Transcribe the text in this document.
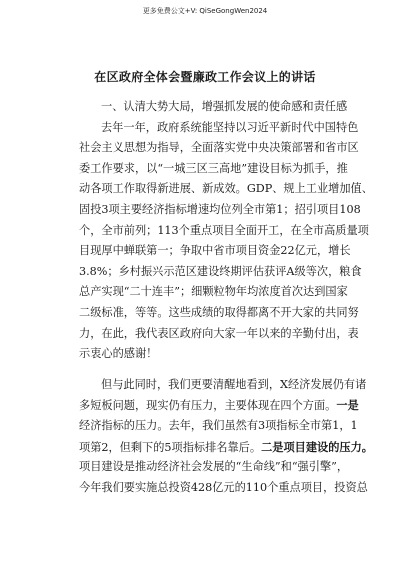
更多免费公文+V: QiSeGongWen2024
在区政府全体会暨廉政工作会议上的讲话
一、认清大势大局，增强抓发展的使命感和责任感
去年一年，政府系统能坚持以习近平新时代中国特色
社会主义思想为指导，全面落实党中央决策部署和省市区
委工作要求，以“一城三区三高地”建设目标为抓手，推
动各项工作取得新进展、新成效。GDP、规上工业增加值、
固投3项主要经济指标增速均位列全市第1；招引项目108
个，全市前列；113个重点项目全面开工，在全市高质量项
目现厚中蝉联第一；争取中省市项目资金22亿元，增长
3.8%；乡村振兴示范区建设终期评估获评A级等次，粮食
总产实现“二十连丰”；细颗粒物年均浓度首次达到国家
二级标准，等等。这些成绩的取得都离不开大家的共同努
力，在此，我代表区政府向大家一年以来的辛勤付出，表
示衷心的感谢！
但与此同时，我们更要清醒地看到，X经济发展仍有诸
多短板问题，现实仍有压力，主要体现在四个方面。一是
经济指标的压力。去年，我们虽然有3项指标全市第1，1
项第2，但剩下的5项指标排名靠后。二是项目建设的压力。
项目建设是推动经济社会发展的“生命线”和“强引擎”，
今年我们要实施总投资428亿元的110个重点项目，投资总
